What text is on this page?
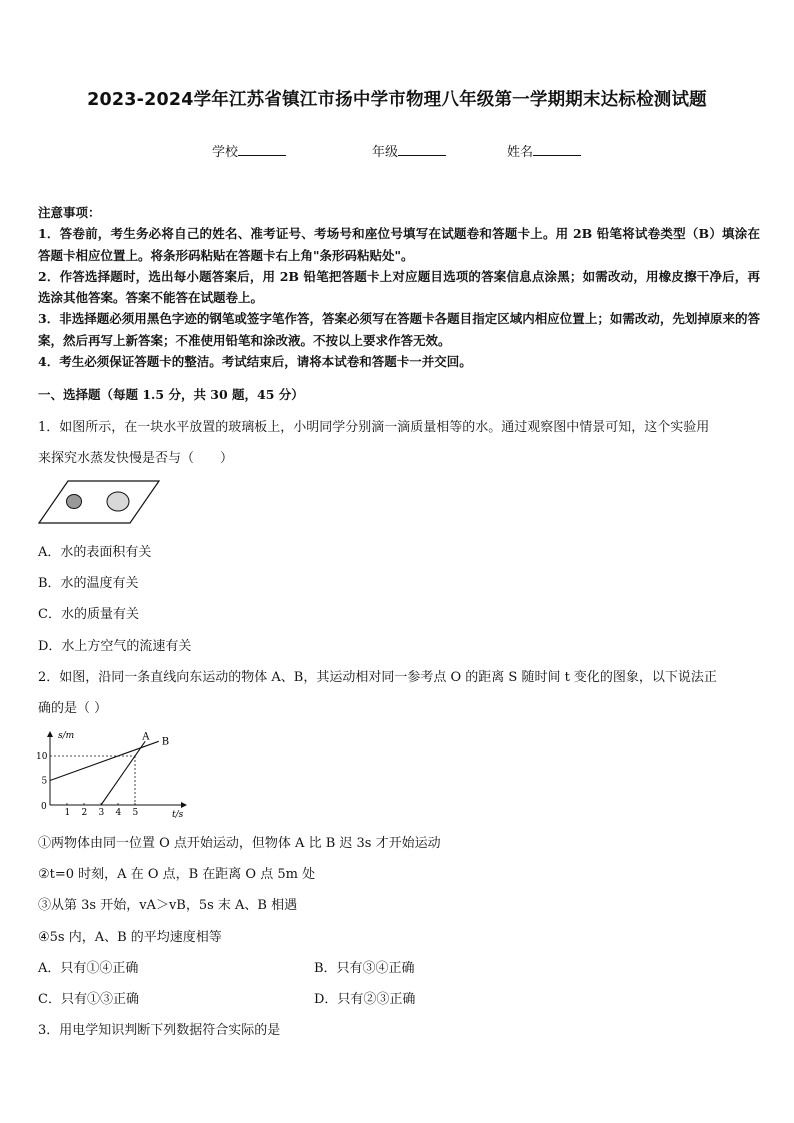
2023-2024学年江苏省镇江市扬中学市物理八年级第一学期期末达标检测试题
学校	年级	姓名

注意事项：

1．答卷前，考生务必将自己的姓名、准考证号、考场号和座位号填写在试题卷和答题卡上。用 2B 铅笔将试卷类型（B）填涂在答题卡相应位置上。将条形码粘贴在答题卡右上角"条形码粘贴处"。

2．作答选择题时，选出每小题答案后，用 2B 铅笔把答题卡上对应题目选项的答案信息点涂黑；如需改动，用橡皮擦干净后，再选涂其他答案。答案不能答在试题卷上。

3．非选择题必须用黑色字迹的钢笔或签字笔作答，答案必须写在答题卡各题目指定区域内相应位置上；如需改动，先划掉原来的答案，然后再写上新答案；不准使用铅笔和涂改液。不按以上要求作答无效。

4．考生必须保证答题卡的整洁。考试结束后，请将本试卷和答题卡一并交回。

一、选择题（每题 1.5 分，共 30 题，45 分）
1．如图所示，在一块水平放置的玻璃板上，小明同学分别滴一滴质量相等的水。通过观察图中情景可知，这个实验用
来探究水蒸发快慢是否与（　　）
A．水的表面积有关
B．水的温度有关
C．水的质量有关
D．水上方空气的流速有关
2．如图，沿同一条直线向东运动的物体 A、B，其运动相对同一参考点 O 的距离 S 随时间 t 变化的图象，以下说法正
确的是（ ）
s/m
t/s
1 2 3 4 5
0
5
10
A B
①两物体由同一位置 O 点开始运动，但物体 A 比 B 迟 3s 才开始运动
②t=0 时刻，A 在 O 点，B 在距离 O 点 5m 处
③从第 3s 开始，vA＞vB，5s 末 A、B 相遇
④5s 内，A、B 的平均速度相等
A．只有①④正确	B．只有③④正确
C．只有①③正确	D．只有②③正确
3．用电学知识判断下列数据符合实际的是
